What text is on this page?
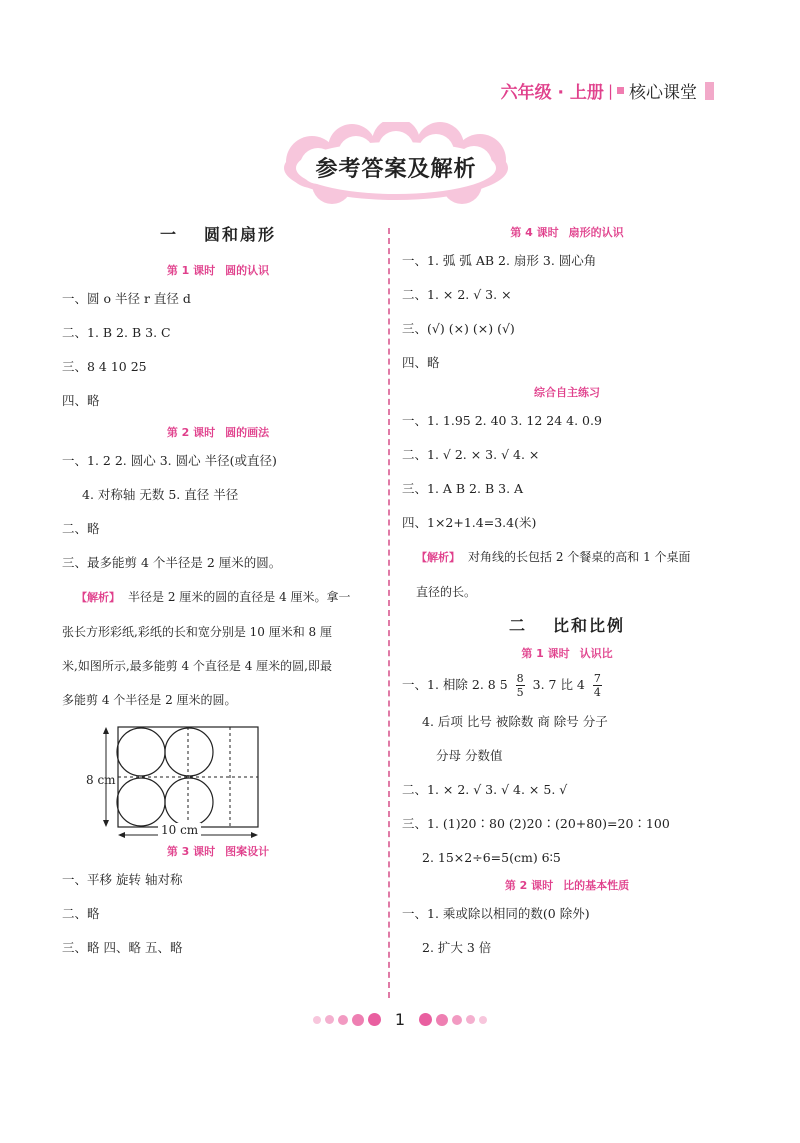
六年级 · 上册 | 核心课堂
参考答案及解析
一 圆和扇形
第 1 课时 圆的认识
一、圆 o 半径 r 直径 d
二、1. B 2. B 3. C
三、8 4 10 25
四、略
第 2 课时 圆的画法
一、1. 2 2. 圆心 3. 圆心 半径(或直径)
4. 对称轴 无数 5. 直径 半径
二、略
三、最多能剪 4 个半径是 2 厘米的圆。
【解析】 半径是 2 厘米的圆的直径是 4 厘米。拿一
张长方形彩纸,彩纸的长和宽分别是 10 厘米和 8 厘
米,如图所示,最多能剪 4 个直径是 4 厘米的圆,即最
多能剪 4 个半径是 2 厘米的圆。
8 cm
10 cm
第 3 课时 图案设计
一、平移 旋转 轴对称
二、略
三、略 四、略 五、略
第 4 课时 扇形的认识
一、1. 弧 弧 AB 2. 扇形 3. 圆心角
二、1. × 2. √ 3. ×
三、(√) (×) (×) (√)
四、略
综合自主练习
一、1. 1.95 2. 40 3. 12 24 4. 0.9
二、1. √ 2. × 3. √ 4. ×
三、1. A B 2. B 3. A
四、1×2+1.4=3.4(米)
【解析】 对角线的长包括 2 个餐桌的高和 1 个桌面
直径的长。
二 比和比例
第 1 课时 认识比
一、1. 相除 2. 8 $5 \frac{8}{5} 3$. 7 比 $4 \frac{7}{4}$
4. 后项 比号 被除数 商 除号 分子
分母 分数值
二、1. × 2. √ 3. √ 4. × 5. √
三、1. (1)20∶80 (2)20∶(20+80)=20∶100
2. 15×2÷6=5(cm) 6∶5
第 2 课时 比的基本性质
一、1. 乘或除以相同的数(0 除外)
2. 扩大 3 倍
1
